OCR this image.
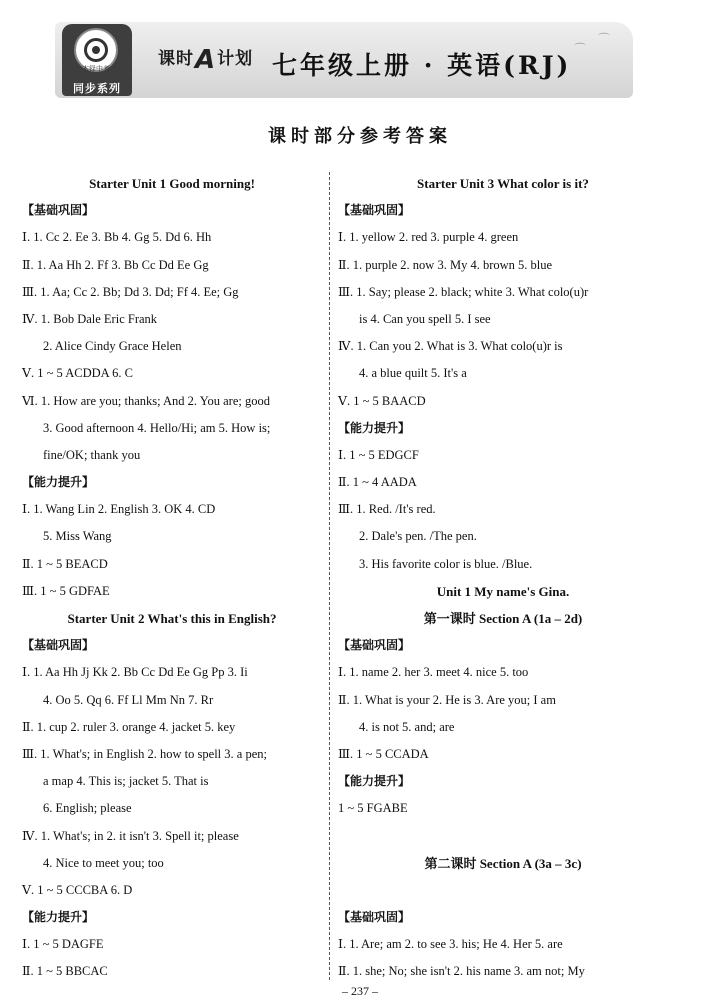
木铎中考
同步系列
课时A计划 七年级上册 · 英语(RJ)
⌒
⌒
课时部分参考答案
Starter Unit 1 Good morning!
【基础巩固】
Ⅰ. 1. Cc 2. Ee 3. Bb 4. Gg 5. Dd 6. Hh
Ⅱ. 1. Aa Hh 2. Ff 3. Bb Cc Dd Ee Gg
Ⅲ. 1. Aa; Cc 2. Bb; Dd 3. Dd; Ff 4. Ee; Gg
Ⅳ. 1. Bob Dale Eric Frank
2. Alice Cindy Grace Helen
Ⅴ. 1 ~ 5 ACDDA 6. C
Ⅵ. 1. How are you; thanks; And 2. You are; good
3. Good afternoon 4. Hello/Hi; am 5. How is;
fine/OK; thank you
【能力提升】
Ⅰ. 1. Wang Lin 2. English 3. OK 4. CD
5. Miss Wang
Ⅱ. 1 ~ 5 BEACD
Ⅲ. 1 ~ 5 GDFAE
Starter Unit 2 What's this in English?
【基础巩固】
Ⅰ. 1. Aa Hh Jj Kk 2. Bb Cc Dd Ee Gg Pp 3. Ii
4. Oo 5. Qq 6. Ff Ll Mm Nn 7. Rr
Ⅱ. 1. cup 2. ruler 3. orange 4. jacket 5. key
Ⅲ. 1. What's; in English 2. how to spell 3. a pen;
a map 4. This is; jacket 5. That is
6. English; please
Ⅳ. 1. What's; in 2. it isn't 3. Spell it; please
4. Nice to meet you; too
Ⅴ. 1 ~ 5 CCCBA 6. D
【能力提升】
Ⅰ. 1 ~ 5 DAGFE
Ⅱ. 1 ~ 5 BBCAC
Starter Unit 3 What color is it?
【基础巩固】
Ⅰ. 1. yellow 2. red 3. purple 4. green
Ⅱ. 1. purple 2. now 3. My 4. brown 5. blue
Ⅲ. 1. Say; please 2. black; white 3. What colo(u)r
is 4. Can you spell 5. I see
Ⅳ. 1. Can you 2. What is 3. What colo(u)r is
4. a blue quilt 5. It's a
Ⅴ. 1 ~ 5 BAACD
【能力提升】
Ⅰ. 1 ~ 5 EDGCF
Ⅱ. 1 ~ 4 AADA
Ⅲ. 1. Red. /It's red.
2. Dale's pen. /The pen.
3. His favorite color is blue. /Blue.
Unit 1 My name's Gina.
第一课时 Section A (1a – 2d)
【基础巩固】
Ⅰ. 1. name 2. her 3. meet 4. nice 5. too
Ⅱ. 1. What is your 2. He is 3. Are you; I am
4. is not 5. and; are
Ⅲ. 1 ~ 5 CCADA
【能力提升】
1 ~ 5 FGABE
第二课时 Section A (3a – 3c)
【基础巩固】
Ⅰ. 1. Are; am 2. to see 3. his; He 4. Her 5. are
Ⅱ. 1. she; No; she isn't 2. his name 3. am not; My
– 237 –
